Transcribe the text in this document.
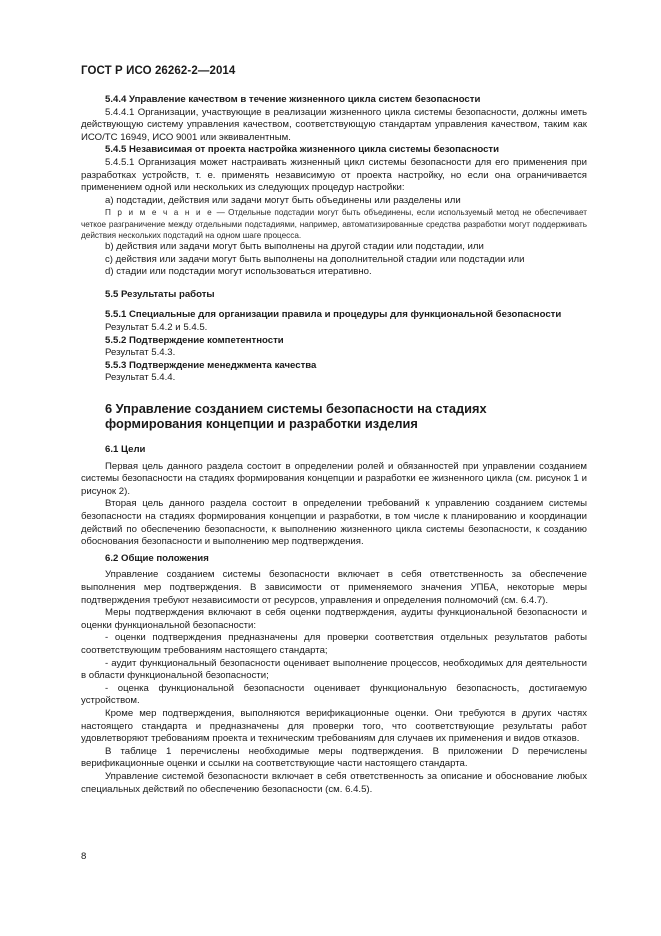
ГОСТ Р ИСО 26262-2—2014

5.4.4 Управление качеством в течение жизненного цикла систем безопасности

5.4.4.1 Организации, участвующие в реализации жизненного цикла системы безопасности, должны иметь действующую систему управления качеством, соответствующую стандартам управления качеством, таким как ИСО/ТС 16949, ИСО 9001 или эквивалентным.

5.4.5 Независимая от проекта настройка жизненного цикла системы безопасности

5.4.5.1 Организация может настраивать жизненный цикл системы безопасности для его применения при разработках устройств, т. е. применять независимую от проекта настройку, но если она ограничивается применением одной или нескольких из следующих процедур настройки:

a) подстадии, действия или задачи могут быть объединены или разделены или

П р и м е ч а н и е — Отдельные подстадии могут быть объединены, если используемый метод не обеспечивает четкое разграничение между отдельными подстадиями, например, автоматизированные средства разработки могут поддерживать действия нескольких подстадий на одном шаге процесса.

b) действия или задачи могут быть выполнены на другой стадии или подстадии, или

c) действия или задачи могут быть выполнены на дополнительной стадии или подстадии или

d) стадии или подстадии могут использоваться итеративно.

5.5 Результаты работы

5.5.1 Специальные для организации правила и процедуры для функциональной безопасности

Результат 5.4.2 и 5.4.5.

5.5.2 Подтверждение компетентности

Результат 5.4.3.

5.5.3 Подтверждение менеджмента качества

Результат 5.4.4.

6 Управление созданием системы безопасности на стадиях формирования концепции и разработки изделия

6.1 Цели

Первая цель данного раздела состоит в определении ролей и обязанностей при управлении созданием системы безопасности на стадиях формирования концепции и разработки ее жизненного цикла (см. рисунок 1 и рисунок 2).

Вторая цель данного раздела состоит в определении требований к управлению созданием системы безопасности на стадиях формирования концепции и разработки, в том числе к планированию и координации действий по обеспечению безопасности, к выполнению жизненного цикла системы безопасности, к созданию обоснования безопасности и выполнению мер подтверждения.

6.2 Общие положения

Управление созданием системы безопасности включает в себя ответственность за обеспечение выполнения мер подтверждения. В зависимости от применяемого значения УПБА, некоторые меры подтверждения требуют независимости от ресурсов, управления и определения полномочий (см. 6.4.7).

Меры подтверждения включают в себя оценки подтверждения, аудиты функциональной безопасности и оценки функциональной безопасности:

- оценки подтверждения предназначены для проверки соответствия отдельных результатов работы соответствующим требованиям настоящего стандарта;

- аудит функциональный безопасности оценивает выполнение процессов, необходимых для деятельности в области функциональной безопасности;

- оценка функциональной безопасности оценивает функциональную безопасность, достигаемую устройством.

Кроме мер подтверждения, выполняются верификационные оценки. Они требуются в других частях настоящего стандарта и предназначены для проверки того, что соответствующие результаты работ удовлетворяют требованиям проекта и техническим требованиям для случаев их применения и видов отказов.

В таблице 1 перечислены необходимые меры подтверждения. В приложении D перечислены верификационные оценки и ссылки на соответствующие части настоящего стандарта.

Управление системой безопасности включает в себя ответственность за описание и обоснование любых специальных действий по обеспечению безопасности (см. 6.4.5).

8
